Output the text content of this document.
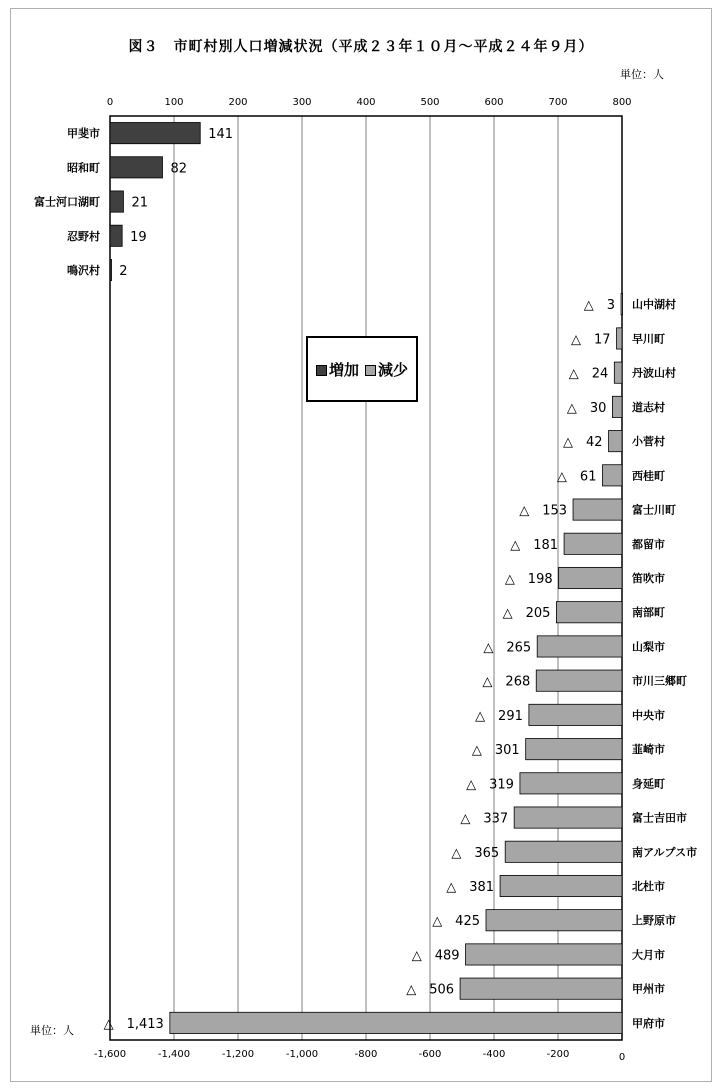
図３　市町村別人口増減状況（平成２３年１０月～平成２４年９月）
単位：人
単位：人
0	100	200	300	400	500	600	700	800
-1,600	-1,400	-1,200	-1,000	-800	-600	-400	-200	0
141
甲斐市
82
昭和町
21
富士河口湖町
19
忍野村
2
鳴沢村
△　3 山中湖村
△　17 早川町
△　24 丹波山村
△　30 道志村
△　42	小菅村
△　61	西桂町
△　153	富士川町
△　181	都留市
△　198	笛吹市
△　205	南部町
△　265	山梨市
△　268	市川三郷町
△　291	中央市
△　301	韮崎市
△　319	身延町
△　337	富士吉田市
△　365	南アルプス市
△　381	北杜市
△　425	上野原市
△　489	大月市
△　506	甲州市
△　1,413	甲府市
増加	減少
